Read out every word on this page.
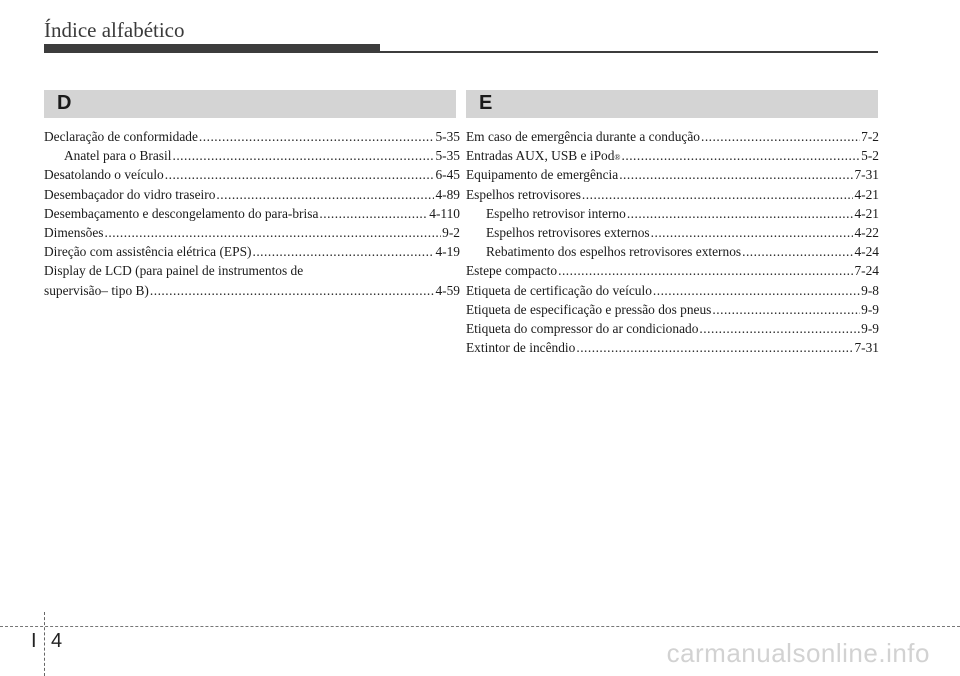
Índice alfabético
D	E
Declaração de conformidade .....	5-35
Anatel para o Brasil .....	5-35
Desatolando o veículo .....	6-45
Desembaçador do vidro traseiro .....	4-89
Desembaçamento e descongelamento do para-brisa .....	4-110
Dimensões .....	9-2
Direção com assistência elétrica (EPS) .....	4-19
Display de LCD (para painel de instrumentos de
supervisão– tipo B) .....	4-59
Em caso de emergência durante a condução .....	7-2
Entradas AUX, USB e iPod ® .....	5-2
Equipamento de emergência .....	7-31
Espelhos retrovisores .....	4-21
Espelho retrovisor interno .....	4-21
Espelhos retrovisores externos .....	4-22
Rebatimento dos espelhos retrovisores externos .....	4-24
Estepe compacto .....	7-24
Etiqueta de certificação do veículo .....	9-8
Etiqueta de especificação e pressão dos pneus .....	9-9
Etiqueta do compressor do ar condicionado .....	9-9
Extintor de incêndio .....	7-31
I 4	carmanualsonline.info
